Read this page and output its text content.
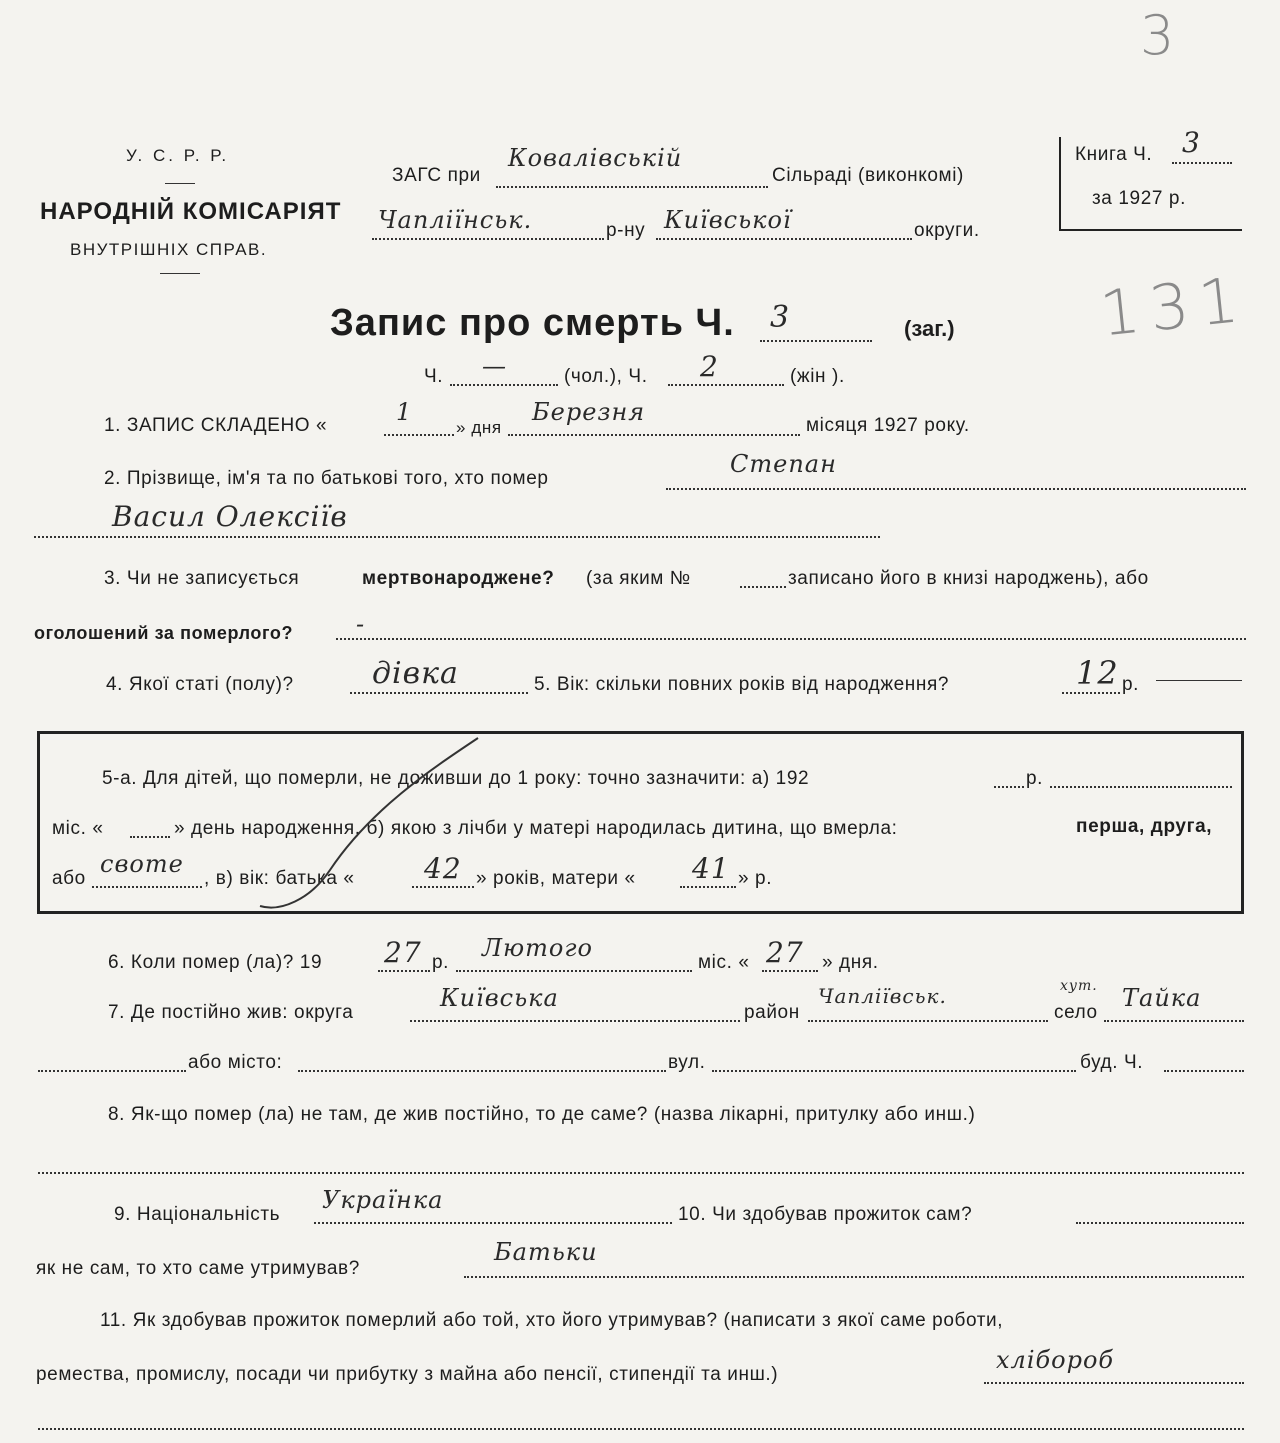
3
131
У. С. Р. Р.
НАРОДНІЙ КОМІСАРІЯТ
ВНУТРІШНІХ СПРАВ.
ЗАГС при
Ковалівській
Сільраді (виконкомі)
Чапліїнськ.	р-ну Київської	округи.
Книга Ч. 3
за 1927 р.
Запис про смерть Ч. 3	(заг.)
Ч. —	(чол.), Ч. 2	(жін ).
1. ЗАПИС СКЛАДЕНО «	1
» дня
Березня	місяця 1927 року.
2. Прізвище, ім'я та по батькові того, хто помер
Степан
Васил Олексіїв
3. Чи не записується	мертвонароджене? (за яким №	записано його в книзі народжень), або
оголошений за померлого?	-
4. Якої статі (полу)?	дівка	5. Вік: скільки повних років від народження?	12 р.
5-а. Для дітей, що померли, не доживши до 1 року: точно зазначити: а) 192	р.
міс. «	» день народження, б) якою з лічби у матері народилась дитина, що вмерла:	перша, друга,
або
своте
, в) вік: батька « 42 » років, матери « 41 » р.
6. Коли помер (ла)? 19 27 р.
Лютого
міс. « 27 » дня.
7. Де постійно жив: округа
Київська
район
Чапліївськ.	хут.
село
Тайка
або місто:	вул.	буд. Ч.
8. Як-що помер (ла) не там, де жив постійно, то де саме? (назва лікарні, притулку або инш.)
9. Національність
Українка
10. Чи здобував прожиток сам?
як не сам, то хто саме утримував?
Батьки
11. Як здобував прожиток померлий або той, хто його утримував? (написати з якої саме роботи,
ремества, промислу, посади чи прибутку з майна або пенсії, стипендії та инш.)
хлібороб
